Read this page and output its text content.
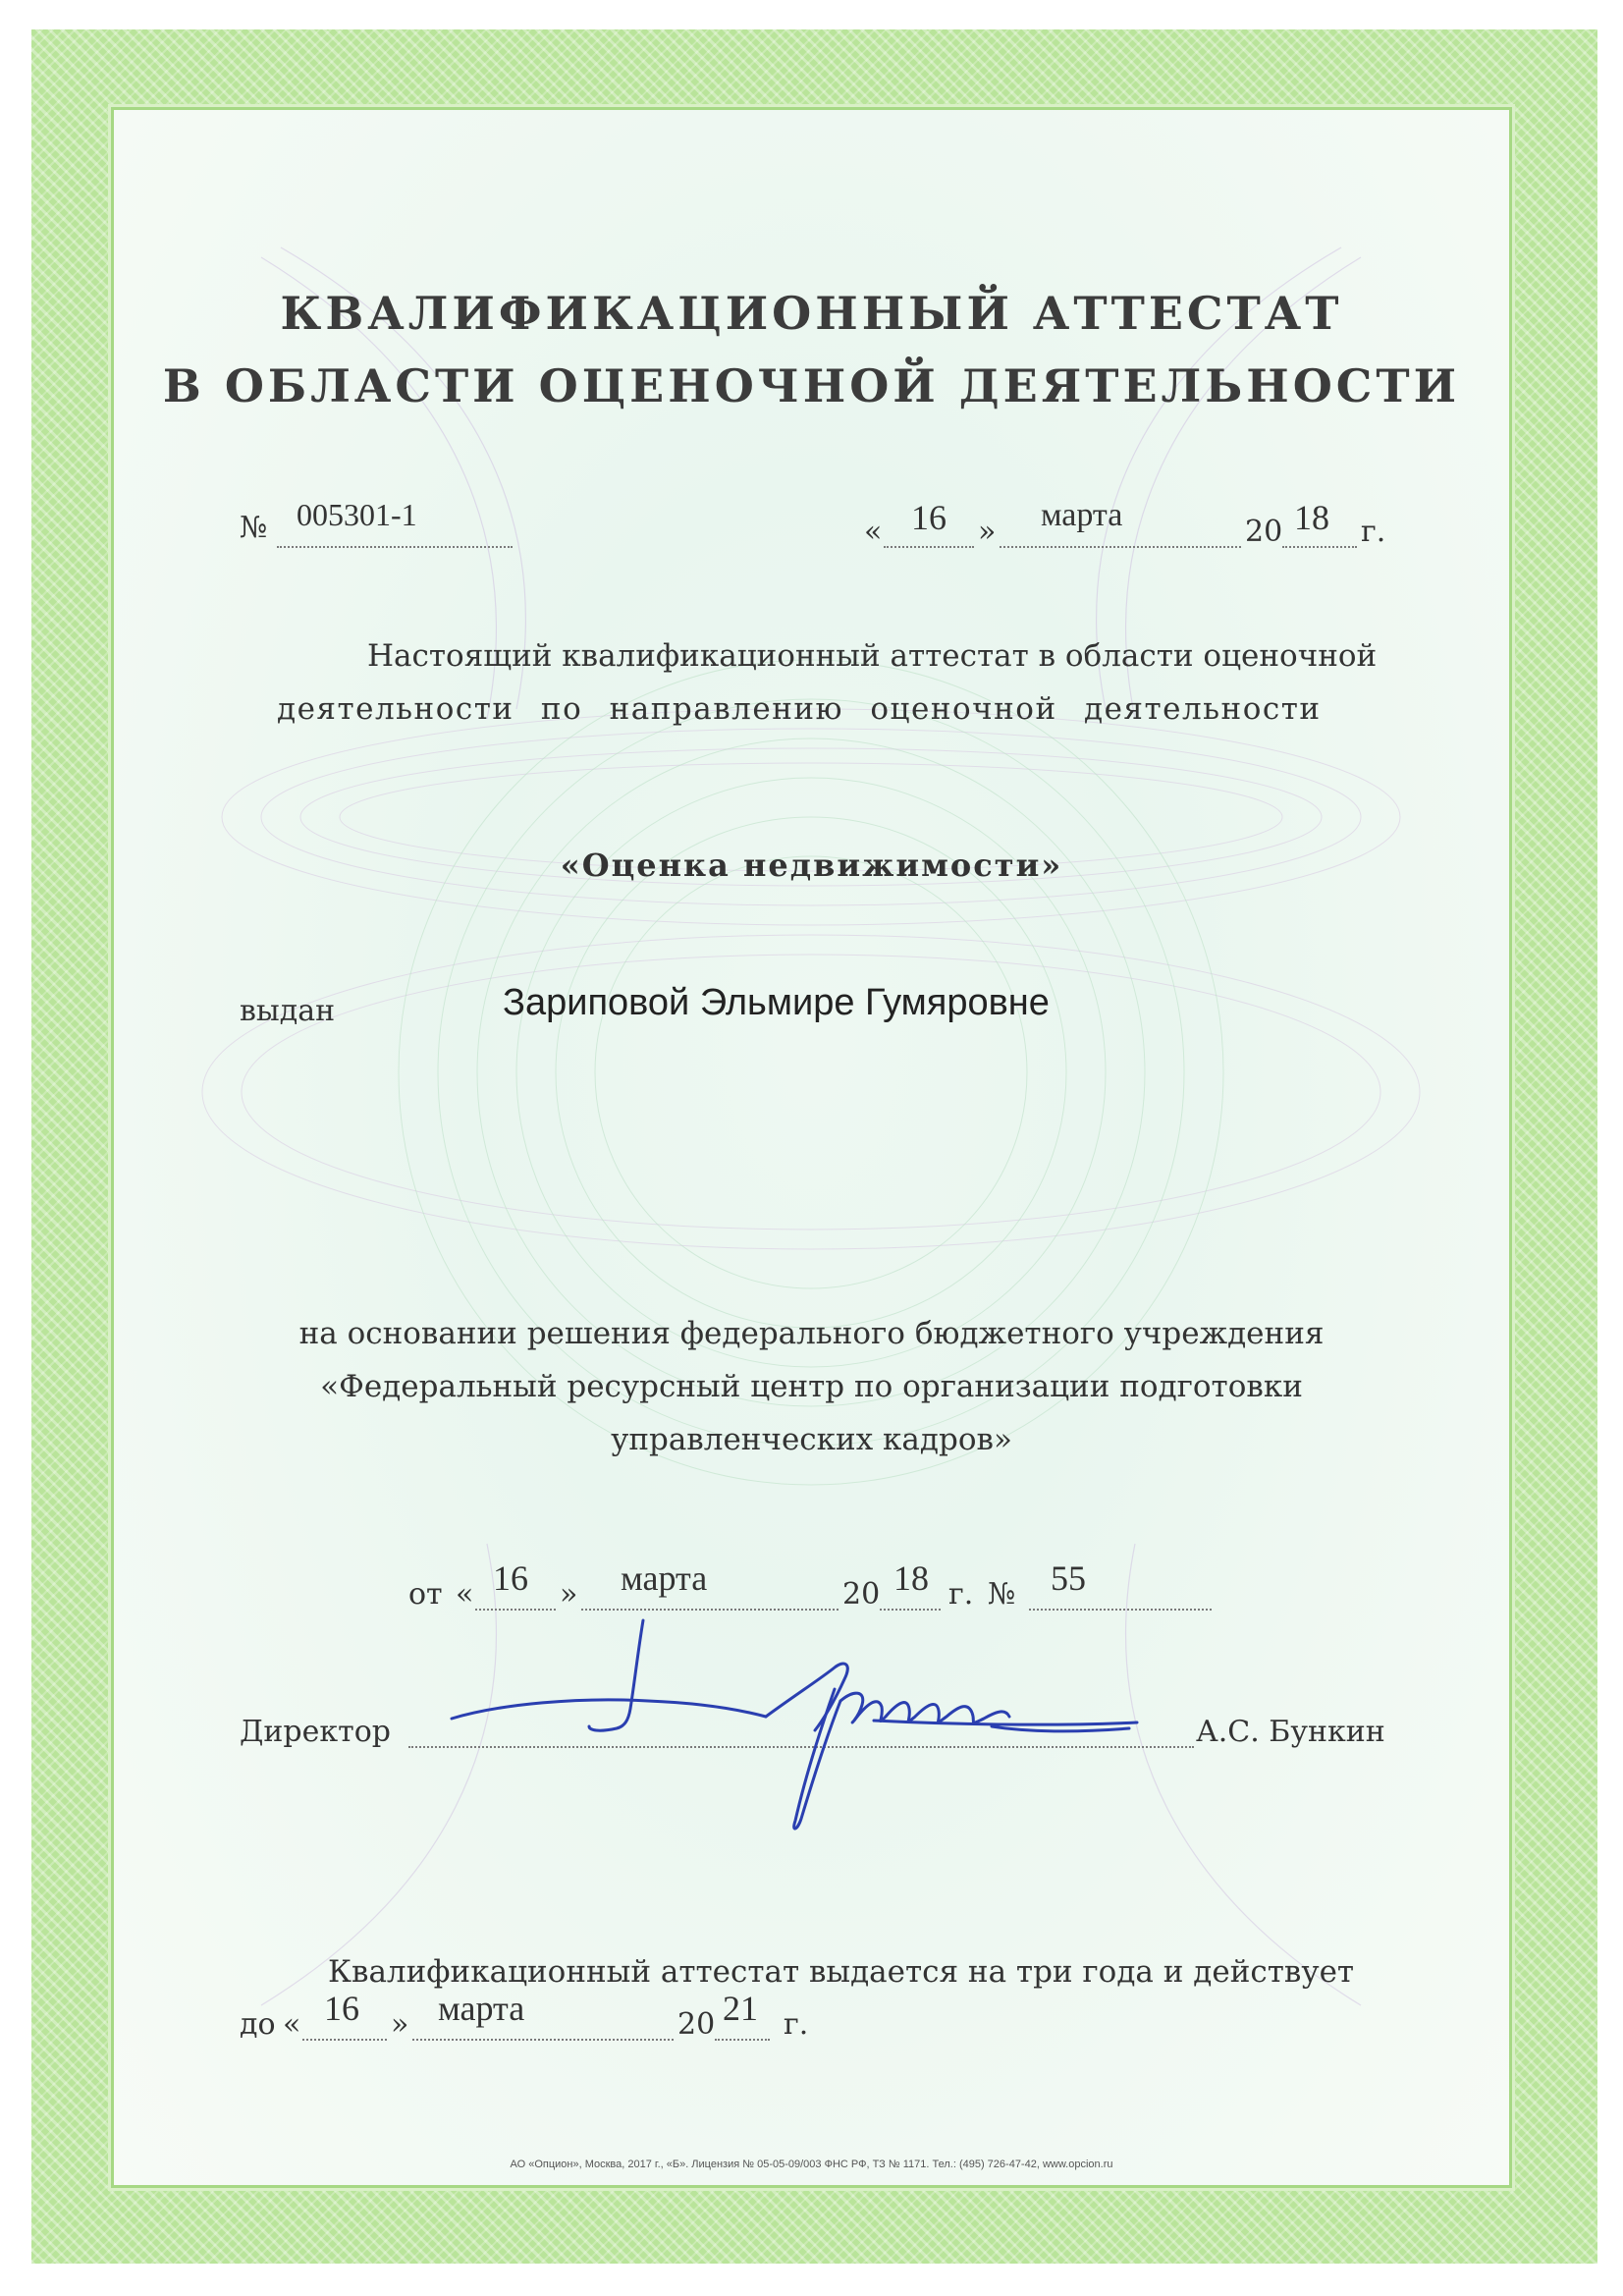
КВАЛИФИКАЦИОННЫЙ АТТЕСТАТ
В ОБЛАСТИ ОЦЕНОЧНОЙ ДЕЯТЕЛЬНОСТИ
№ 005301-1	« 16 » марта	20 18 г.
Настоящий квалификационный аттестат в области оценочной
деятельности по направлению оценочной деятельности
«Оценка недвижимости»
выдан	Зариповой Эльмире Гумяровне
на основании решения федерального бюджетного учреждения
«Федеральный ресурсный центр по организации подготовки
управленческих кадров»
от « 16 » марта	20 18 г. № 55
Директор	А.С. Бункин
Квалификационный аттестат выдается на три года и действует
до « 16 » марта	20 21 г.
АО «Опцион», Москва, 2017 г., «Б». Лицензия № 05-05-09/003 ФНС РФ, ТЗ № 1171. Тел.: (495) 726-47-42, www.opcion.ru
